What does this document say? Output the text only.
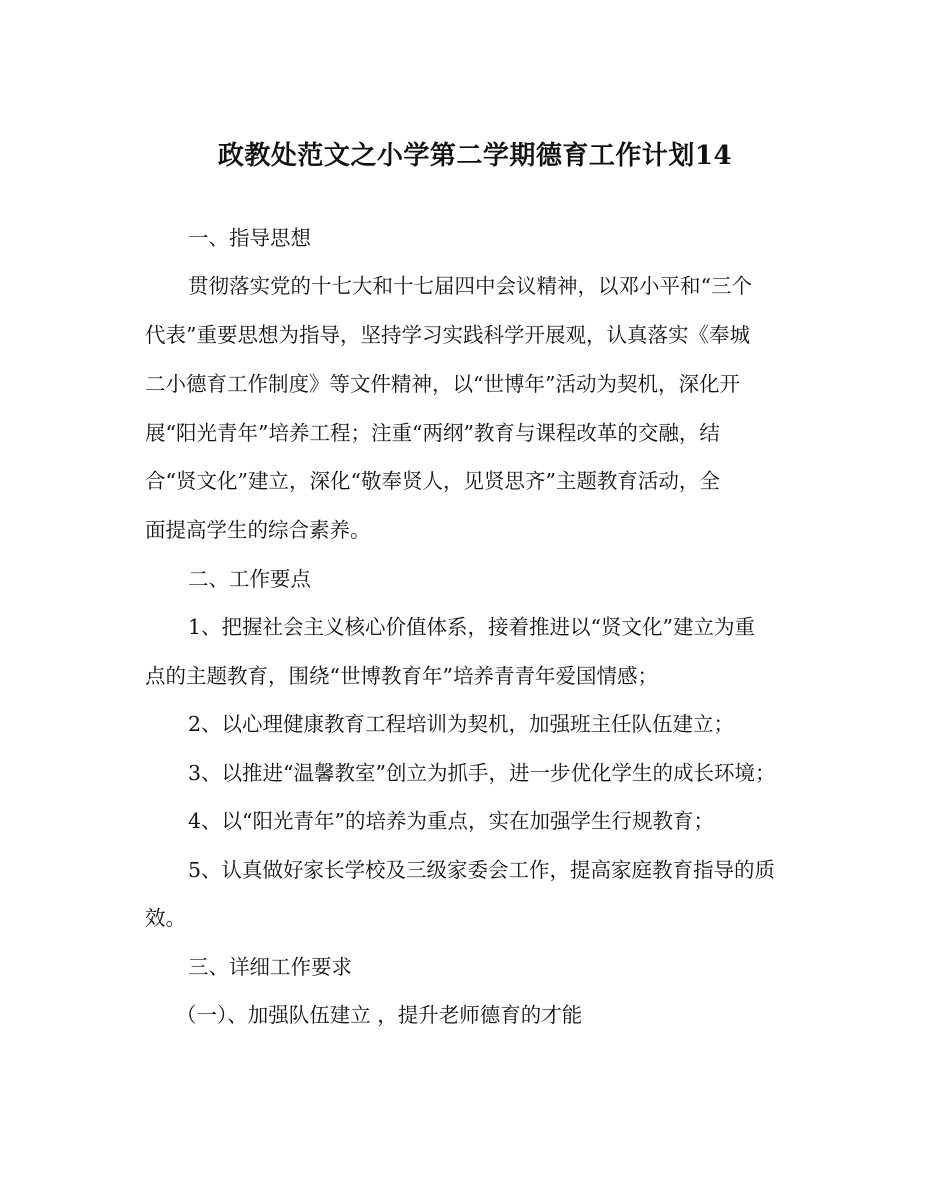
政教处范文之小学第二学期德育工作计划14
一、指导思想
贯彻落实党的十七大和十七届四中会议精神，以邓小平和“三个
代表”重要思想为指导，坚持学习实践科学开展观，认真落实《奉城
二小德育工作制度》等文件精神，以“世博年”活动为契机，深化开
展“阳光青年”培养工程；注重“两纲”教育与课程改革的交融，结
合“贤文化”建立，深化“敬奉贤人，见贤思齐”主题教育活动，全
面提高学生的综合素养。
二、工作要点
1、把握社会主义核心价值体系，接着推进以“贤文化”建立为重
点的主题教育，围绕“世博教育年”培养青青年爱国情感；
2、以心理健康教育工程培训为契机，加强班主任队伍建立；
3、以推进“温馨教室”创立为抓手，进一步优化学生的成长环境；
4、以“阳光青年”的培养为重点，实在加强学生行规教育；
5、认真做好家长学校及三级家委会工作，提高家庭教育指导的质
效。
三、详细工作要求
（一）、加强队伍建立 ，提升老师德育的才能
